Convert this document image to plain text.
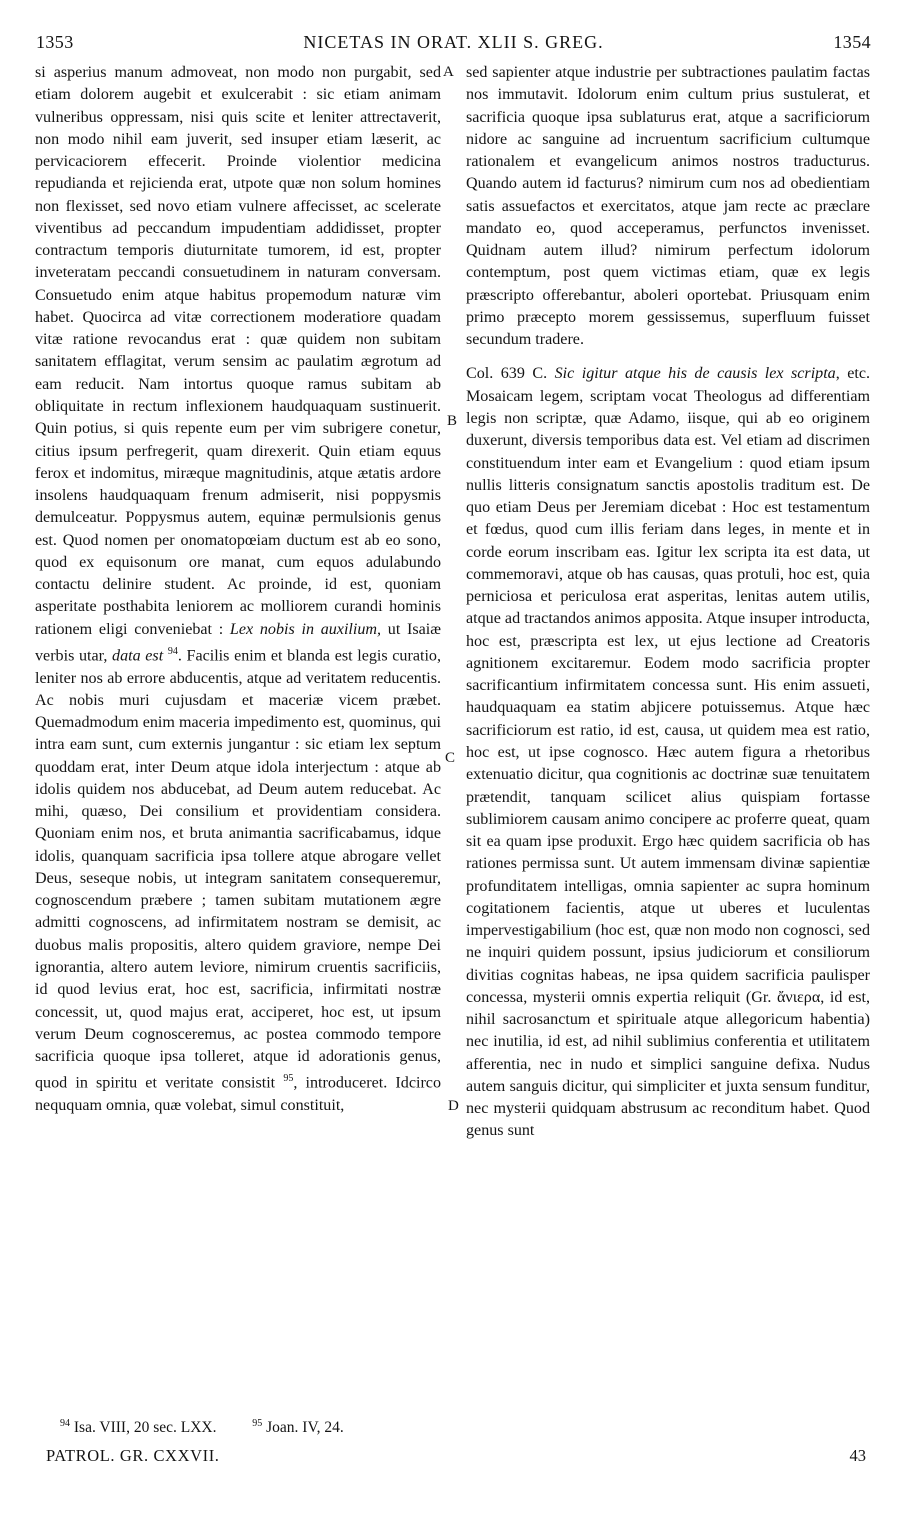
1353	NICETAS IN ORAT. XLII S. GREG.	1354

si asperius manum admoveat, non modo non purgabit, sed etiam dolorem augebit et exulcerabit : sic etiam animam vulneribus oppressam, nisi quis scite et leniter attrectaverit, non modo nihil eam juverit, sed insuper etiam læserit, ac pervicaciorem effecerit. Proinde violentior medicina repudianda et rejicienda erat, utpote quæ non solum homines non flexisset, sed novo etiam vulnere affecisset, ac scelerate viventibus ad peccandum impudentiam addidisset, propter contractum temporis diuturnitate tumorem, id est, propter inveteratam peccandi consuetudinem in naturam conversam. Consuetudo enim atque habitus propemodum naturæ vim habet. Quocirca ad vitæ correctionem moderatiore quadam vitæ ratione revocandus erat : quæ quidem non subitam sanitatem efflagitat, verum sensim ac paulatim ægrotum ad eam reducit. Nam intortus quoque ramus subitam ab obliquitate in rectum inflexionem haudquaquam sustinuerit. Quin potius, si quis repente eum per vim subrigere conetur, citius ipsum perfregerit, quam direxerit. Quin etiam equus ferox et indomitus, miræque magnitudinis, atque ætatis ardore insolens haudquaquam frenum admiserit, nisi poppysmis demulceatur. Poppysmus autem, equinæ permulsionis genus est. Quod nomen per onomatopœiam ductum est ab eo sono, quod ex equisonum ore manat, cum equos adulabundo contactu delinire student. Ac proinde, id est, quoniam asperitate posthabita leniorem ac molliorem curandi hominis rationem eligi conveniebat : Lex nobis in auxilium, ut Isaiæ verbis utar, data est $^{94}$. Facilis enim et blanda est legis curatio, leniter nos ab errore abducentis, atque ad veritatem reducentis. Ac nobis muri cujusdam et maceriæ vicem præbet. Quemadmodum enim maceria impedimento est, quominus, qui intra eam sunt, cum externis jungantur : sic etiam lex septum quoddam erat, inter Deum atque idola interjectum : atque ab idolis quidem nos abducebat, ad Deum autem reducebat. Ac mihi, quæso, Dei consilium et providentiam considera. Quoniam enim nos, et bruta animantia sacrificabamus, idque idolis, quanquam sacrificia ipsa tollere atque abrogare vellet Deus, seseque nobis, ut integram sanitatem consequeremur, cognoscendum præbere ; tamen subitam mutationem ægre admitti cognoscens, ad infirmitatem nostram se demisit, ac duobus malis propositis, altero quidem graviore, nempe Dei ignorantia, altero autem leviore, nimirum cruentis sacrificiis, id quod levius erat, hoc est, sacrificia, infirmitati nostræ concessit, ut, quod majus erat, acciperet, hoc est, ut ipsum verum Deum cognosceremus, ac postea commodo tempore sacrificia quoque ipsa tolleret, atque id adorationis genus, quod in spiritu et veritate consistit $^{95}$, introduceret. Idcirco neququam omnia, quæ volebat, simul constituit,

A
B
C
D

sed sapienter atque industrie per subtractiones paulatim factas nos immutavit. Idolorum enim cultum prius sustulerat, et sacrificia quoque ipsa sublaturus erat, atque a sacrificiorum nidore ac sanguine ad incruentum sacrificium cultumque rationalem et evangelicum animos nostros traducturus. Quando autem id facturus? nimirum cum nos ad obedientiam satis assuefactos et exercitatos, atque jam recte ac præclare mandato eo, quod acceperamus, perfunctos invenisset. Quidnam autem illud? nimirum perfectum idolorum contemptum, post quem victimas etiam, quæ ex legis præscripto offerebantur, aboleri oportebat. Priusquam enim primo præcepto morem gessissemus, superfluum fuisset secundum tradere.

Col. 639 C. Sic igitur atque his de causis lex scripta, etc. Mosaicam legem, scriptam vocat Theologus ad differentiam legis non scriptæ, quæ Adamo, iisque, qui ab eo originem duxerunt, diversis temporibus data est. Vel etiam ad discrimen constituendum inter eam et Evangelium : quod etiam ipsum nullis litteris consignatum sanctis apostolis traditum est. De quo etiam Deus per Jeremiam dicebat : Hoc est testamentum et fœdus, quod cum illis feriam dans leges, in mente et in corde eorum inscribam eas. Igitur lex scripta ita est data, ut commemoravi, atque ob has causas, quas protuli, hoc est, quia perniciosa et periculosa erat asperitas, lenitas autem utilis, atque ad tractandos animos apposita. Atque insuper introducta, hoc est, præscripta est lex, ut ejus lectione ad Creatoris agnitionem excitaremur. Eodem modo sacrificia propter sacrificantium infirmitatem concessa sunt. His enim assueti, haudquaquam ea statim abjicere potuissemus. Atque hæc sacrificiorum est ratio, id est, causa, ut quidem mea est ratio, hoc est, ut ipse cognosco. Hæc autem figura a rhetoribus extenuatio dicitur, qua cognitionis ac doctrinæ suæ tenuitatem prætendit, tanquam scilicet alius quispiam fortasse sublimiorem causam animo concipere ac proferre queat, quam sit ea quam ipse produxit. Ergo hæc quidem sacrificia ob has rationes permissa sunt. Ut autem immensam divinæ sapientiæ profunditatem intelligas, omnia sapienter ac supra hominum cogitationem facientis, atque ut uberes et luculentas impervestigabilium (hoc est, quæ non modo non cognosci, sed ne inquiri quidem possunt, ipsius judiciorum et consiliorum divitias cognitas habeas, ne ipsa quidem sacrificia paulisper concessa, mysterii omnis expertia reliquit (Gr. ἄνιερα, id est, nihil sacrosanctum et spirituale atque allegoricum habentia) nec inutilia, id est, ad nihil sublimius conferentia et utilitatem afferentia, nec in nudo et simplici sanguine defixa. Nudus autem sanguis dicitur, qui simpliciter et juxta sensum funditur, nec mysterii quidquam abstrusum ac reconditum habet. Quod genus sunt

$^{94}$ Isa. VIII, 20 sec. LXX.	$^{95}$ Joan. IV, 24.
PATROL. GR. CXXVII.	43
